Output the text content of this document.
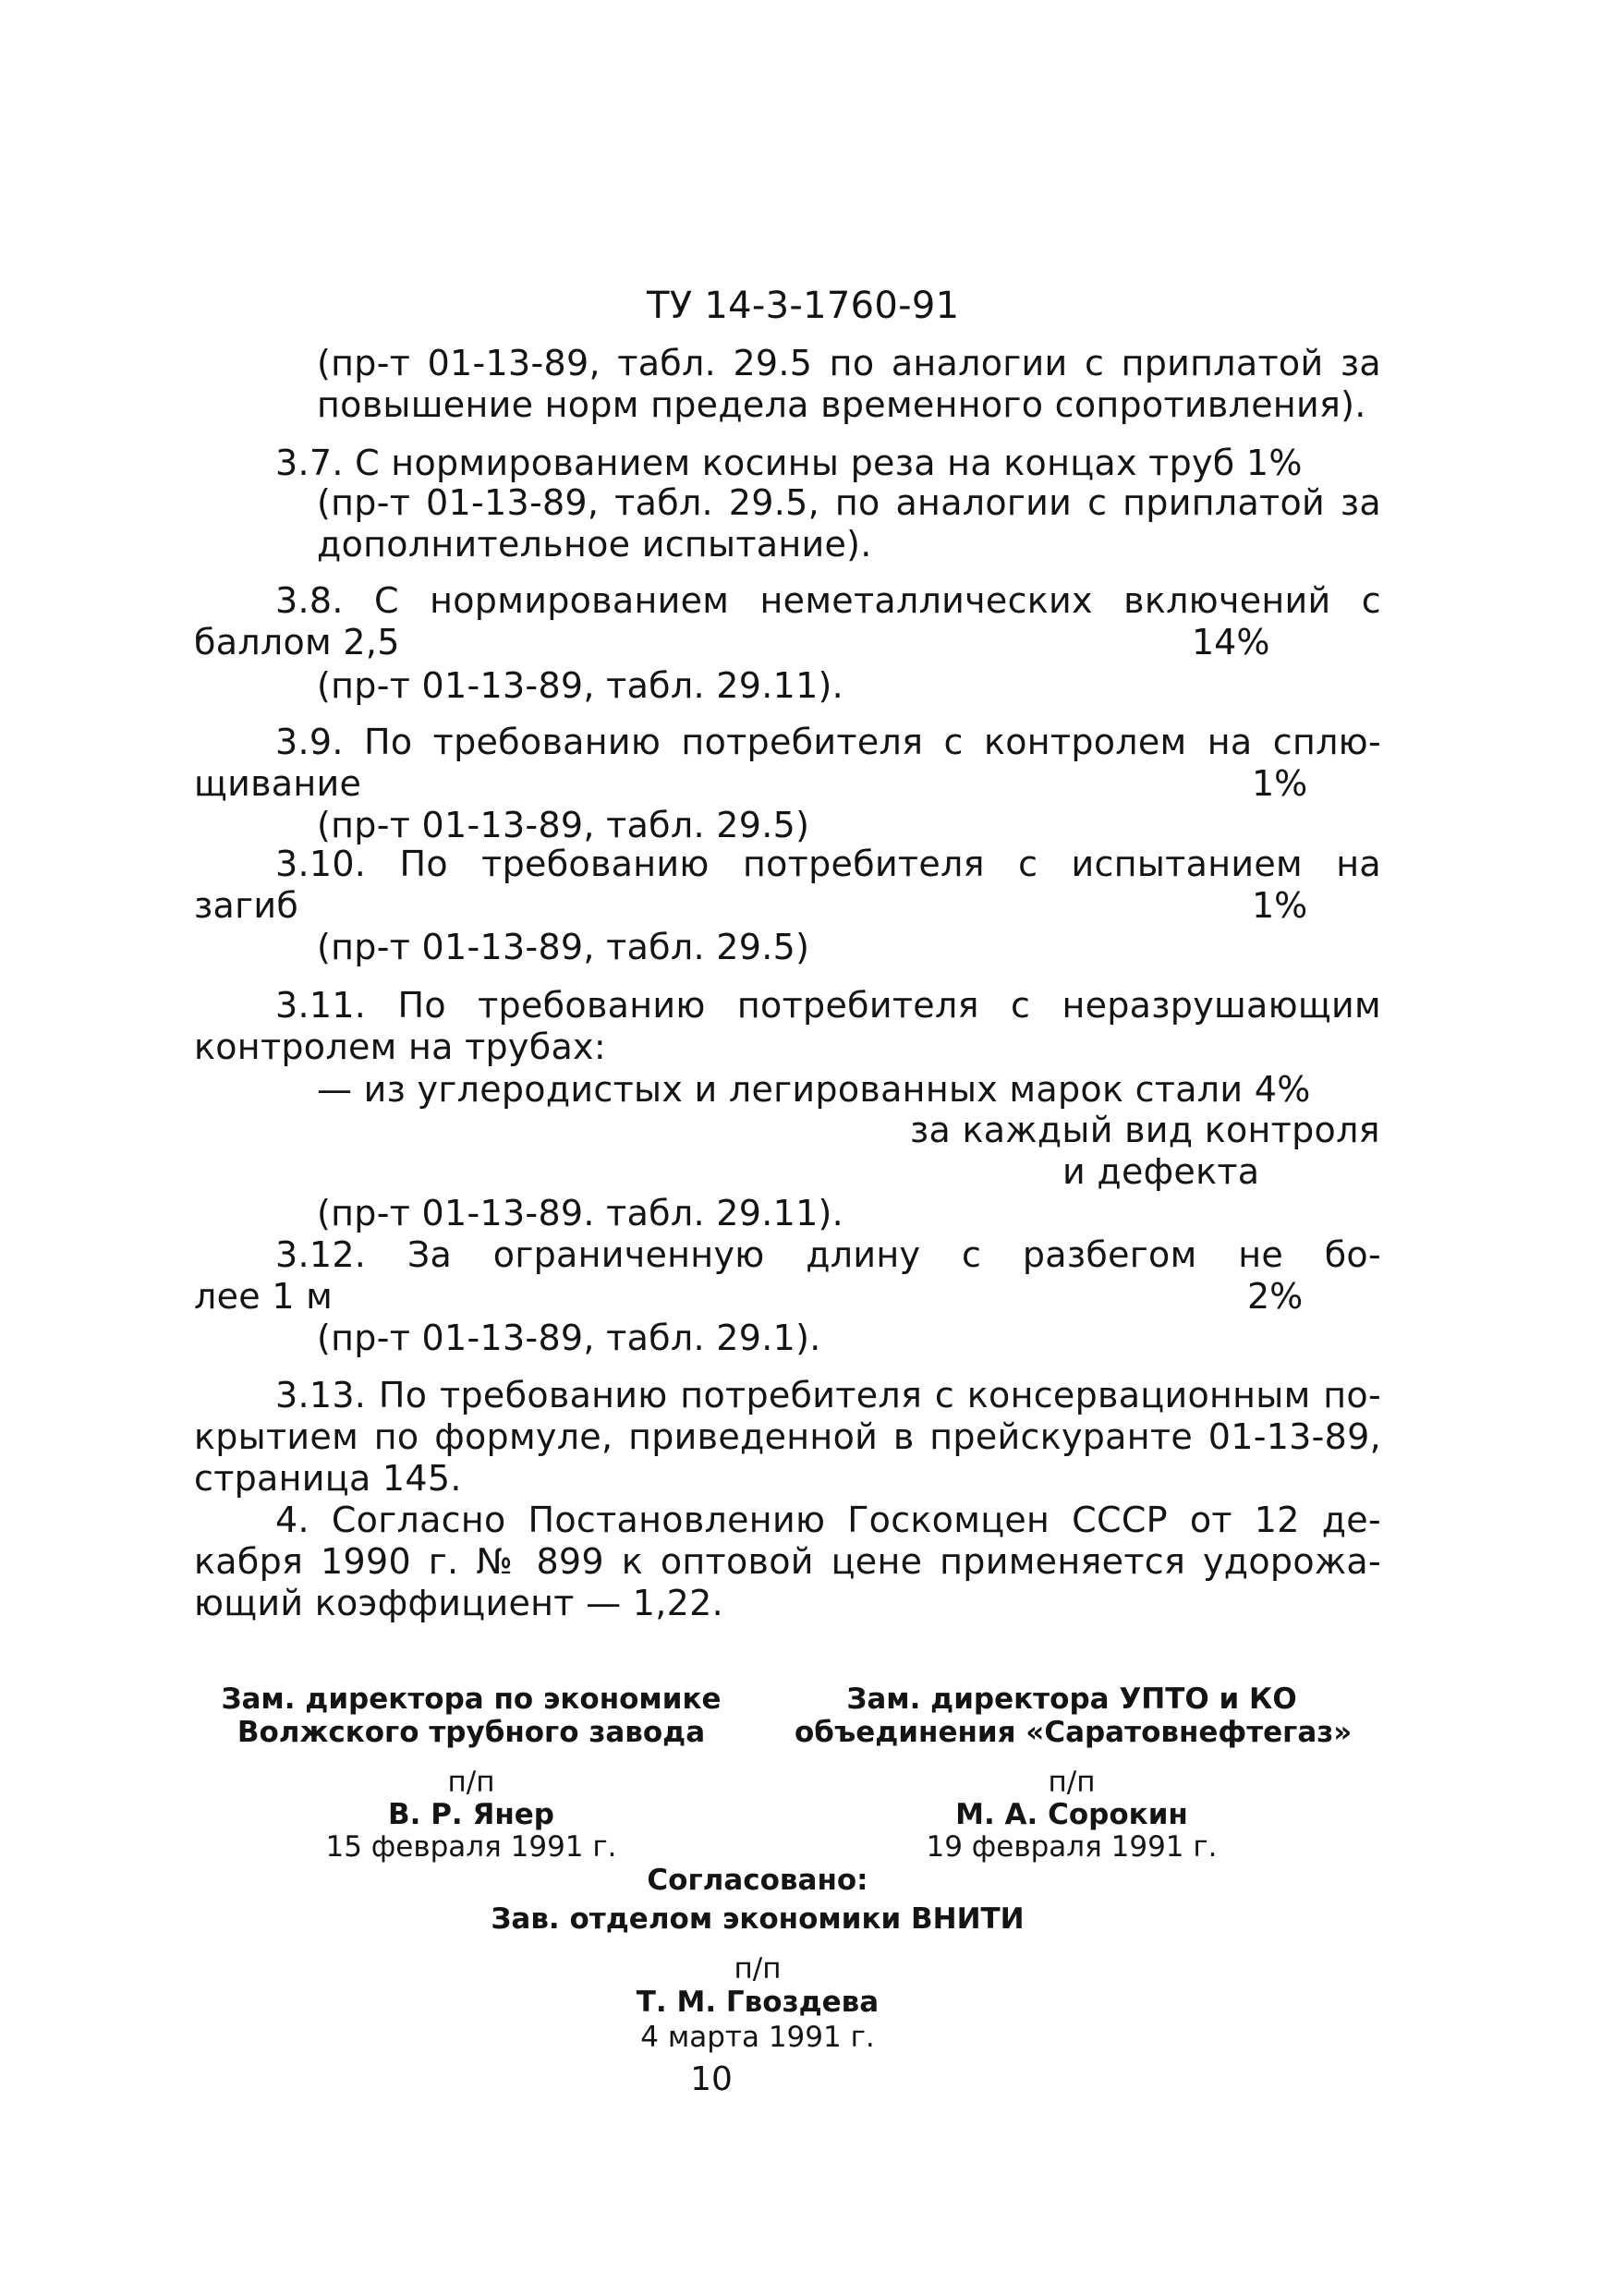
ТУ 14-3-1760-91
(пр-т 01-13-89, табл. 29.5 по аналогии с приплатой за
повышение норм предела временного сопротивления).
3.7. С нормированием косины реза на концах труб 1%
(пр-т 01-13-89, табл. 29.5, по аналогии с приплатой за
дополнительное испытание).
3.8. С нормированием неметаллических включений с
баллом 2,5	14%
(пр-т 01-13-89, табл. 29.11).
3.9. По требованию потребителя с контролем на сплю-
щивание	1%
(пр-т 01-13-89, табл. 29.5)
3.10. По требованию потребителя с испытанием на
загиб	1%
(пр-т 01-13-89, табл. 29.5)
3.11. По требованию потребителя с неразрушающим
контролем на трубах:
— из углеродистых и легированных марок стали 4%
за каждый вид контроля
и дефекта
(пр-т 01-13-89. табл. 29.11).
3.12. За ограниченную длину с разбегом не бо-
лее 1 м	2%
(пр-т 01-13-89, табл. 29.1).
3.13. По требованию потребителя с консервационным по-
крытием по формуле, приведенной в прейскуранте 01-13-89,
страница 145.
4. Согласно Постановлению Госкомцен СССР от 12 де-
кабря 1990 г. № 899 к оптовой цене применяется удорожа-
ющий коэффициент — 1,22.
Зам. директора по экономике
Волжского трубного завода
п/п
В. Р. Янер
15 февраля 1991 г.
Зам. директора УПТО и КО
объединения «Саратовнефтегаз»
п/п
М. А. Сорокин
19 февраля 1991 г.
Согласовано:
Зав. отделом экономики ВНИТИ
п/п
Т. М. Гвоздева
4 марта 1991 г.
10
